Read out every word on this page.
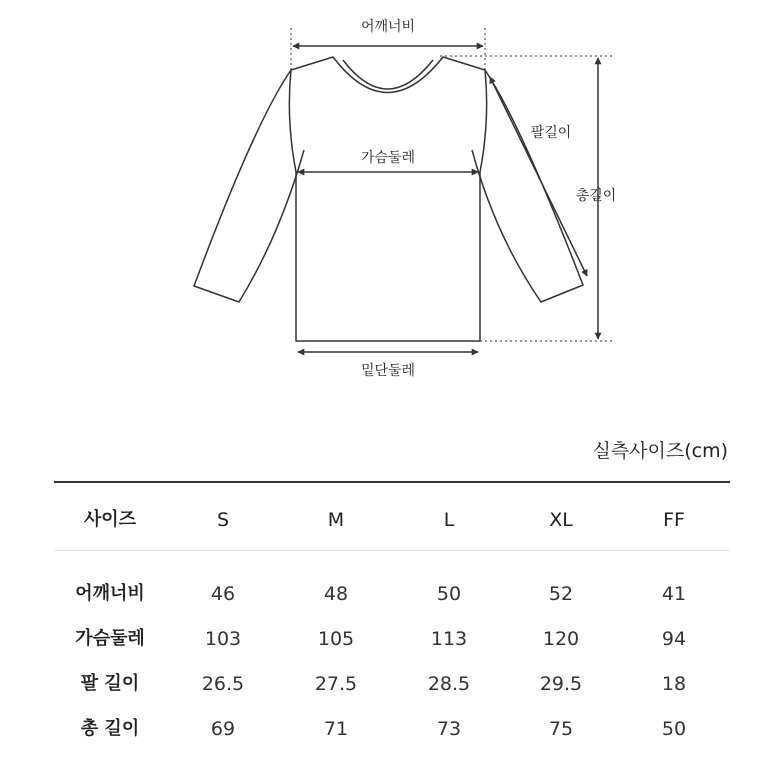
어깨너비
가슴둘레
밑단둘레
팔길이
총길이
실측사이즈(cm)
사이즈	S	M	L	XL	FF
어깨너비	46	48	50	52	41
가슴둘레	103	105	113	120	94
팔 길이	26.5	27.5	28.5	29.5	18
총 길이	69	71	73	75	50
